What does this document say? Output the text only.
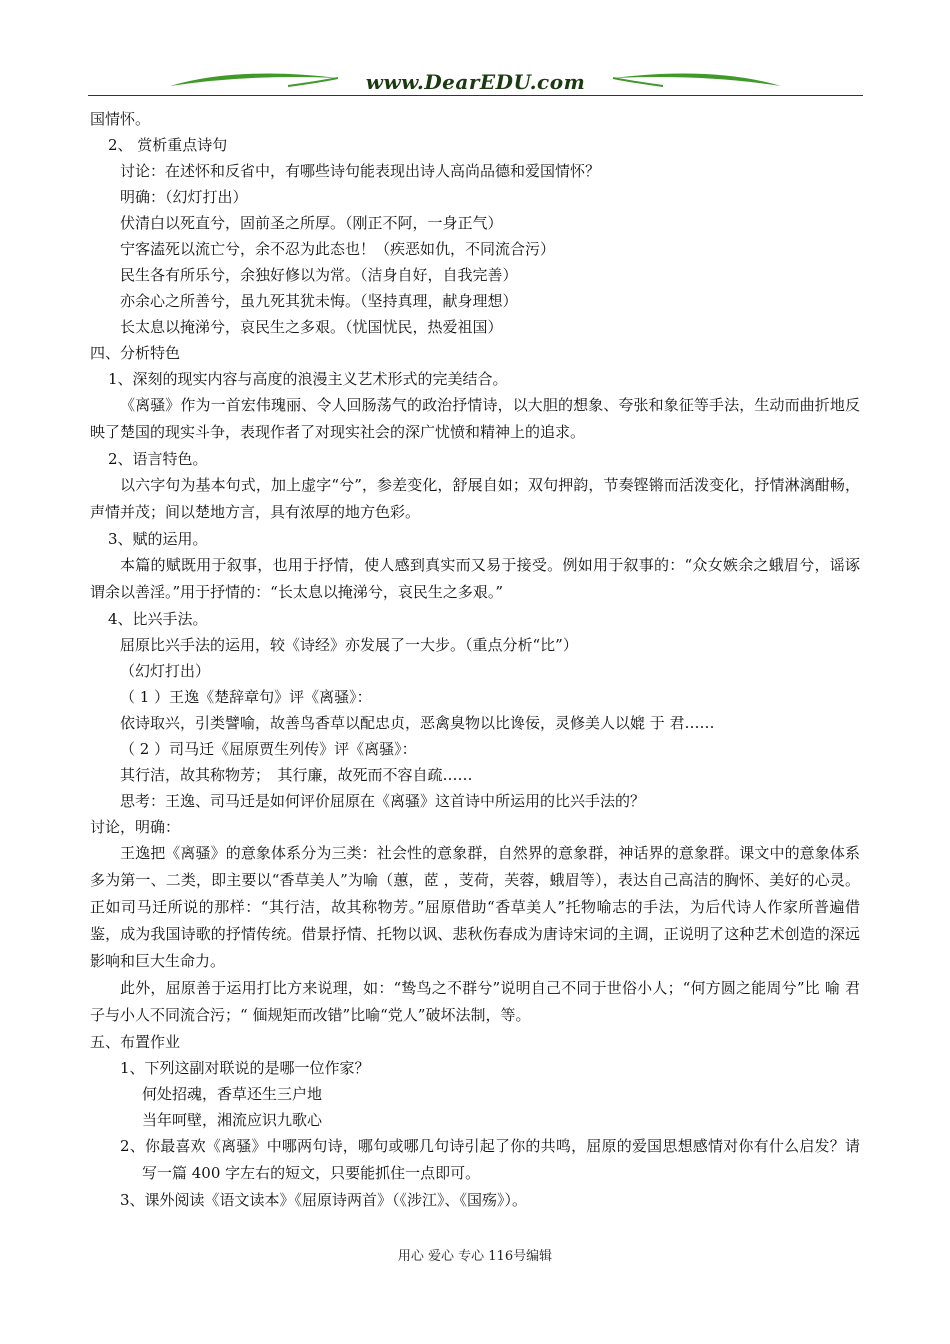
www.DearEDU.com
国情怀。
2、 赏析重点诗句
讨论：在述怀和反省中，有哪些诗句能表现出诗人高尚品德和爱国情怀？
明确：（幻灯打出）
伏清白以死直兮，固前圣之所厚。（刚正不阿，一身正气）
宁客溘死以流亡兮，余不忍为此态也！（疾恶如仇，不同流合污）
民生各有所乐兮，余独好修以为常。（洁身自好，自我完善）
亦余心之所善兮，虽九死其犹未悔。（坚持真理，献身理想）
长太息以掩涕兮，哀民生之多艰。（忧国忧民，热爱祖国）
四、分析特色
1、深刻的现实内容与高度的浪漫主义艺术形式的完美结合。
《离骚》作为一首宏伟瑰丽、令人回肠荡气的政治抒情诗，以大胆的想象、夸张和象征等手法，生动而曲折地反映了楚国的现实斗争，表现作者了对现实社会的深广忧愤和精神上的追求。
2、语言特色。
以六字句为基本句式，加上虚字“兮”，参差变化，舒展自如；双句押韵，节奏铿锵而活泼变化，抒情淋漓酣畅，声情并茂；间以楚地方言，具有浓厚的地方色彩。
3、赋的运用。
本篇的赋既用于叙事，也用于抒情，使人感到真实而又易于接受。例如用于叙事的：“众女嫉余之蛾眉兮，谣诼谓余以善淫。”用于抒情的：“长太息以掩涕兮，哀民生之多艰。”
4、比兴手法。
屈原比兴手法的运用，较《诗经》亦发展了一大步。（重点分析“比”）
（幻灯打出）
（ 1 ）王逸《楚辞章句》评《离骚》：
依诗取兴，引类譬喻，故善鸟香草以配忠贞，恶禽臭物以比谗佞，灵修美人以媲 于 君……
（ 2 ）司马迁《屈原贾生列传》评《离骚》：
其行洁，故其称物芳；　其行廉，故死而不容自疏……
思考：王逸、司马迁是如何评价屈原在《离骚》这首诗中所运用的比兴手法的？
讨论，明确：
王逸把《离骚》的意象体系分为三类：社会性的意象群，自然界的意象群，神话界的意象群。课文中的意象体系多为第一、二类，即主要以“香草美人”为喻（蕙，茝 ，芰荷，芙蓉，蛾眉等），表达自己高洁的胸怀、美好的心灵。正如司马迁所说的那样：“其行洁，故其称物芳。”屈原借助“香草美人”托物喻志的手法，为后代诗人作家所普遍借鉴，成为我国诗歌的抒情传统。借景抒情、托物以讽、悲秋伤春成为唐诗宋词的主调，正说明了这种艺术创造的深远影响和巨大生命力。
此外，屈原善于运用打比方来说理，如：“鸷鸟之不群兮”说明自己不同于世俗小人；“何方圆之能周兮”比 喻 君子与小人不同流合污；“ 偭规矩而改错”比喻“党人”破坏法制，等。
五、布置作业
1、下列这副对联说的是哪一位作家？
何处招魂，香草还生三户地
当年呵壁，湘流应识九歌心
2、你最喜欢《离骚》中哪两句诗，哪句或哪几句诗引起了你的共鸣，屈原的爱国思想感情对你有什么启发？请写一篇 400 字左右的短文，只要能抓住一点即可。
3、课外阅读《语文读本》《屈原诗两首》（《涉江》、《国殇》）。
用心 爱心 专心 116号编辑
